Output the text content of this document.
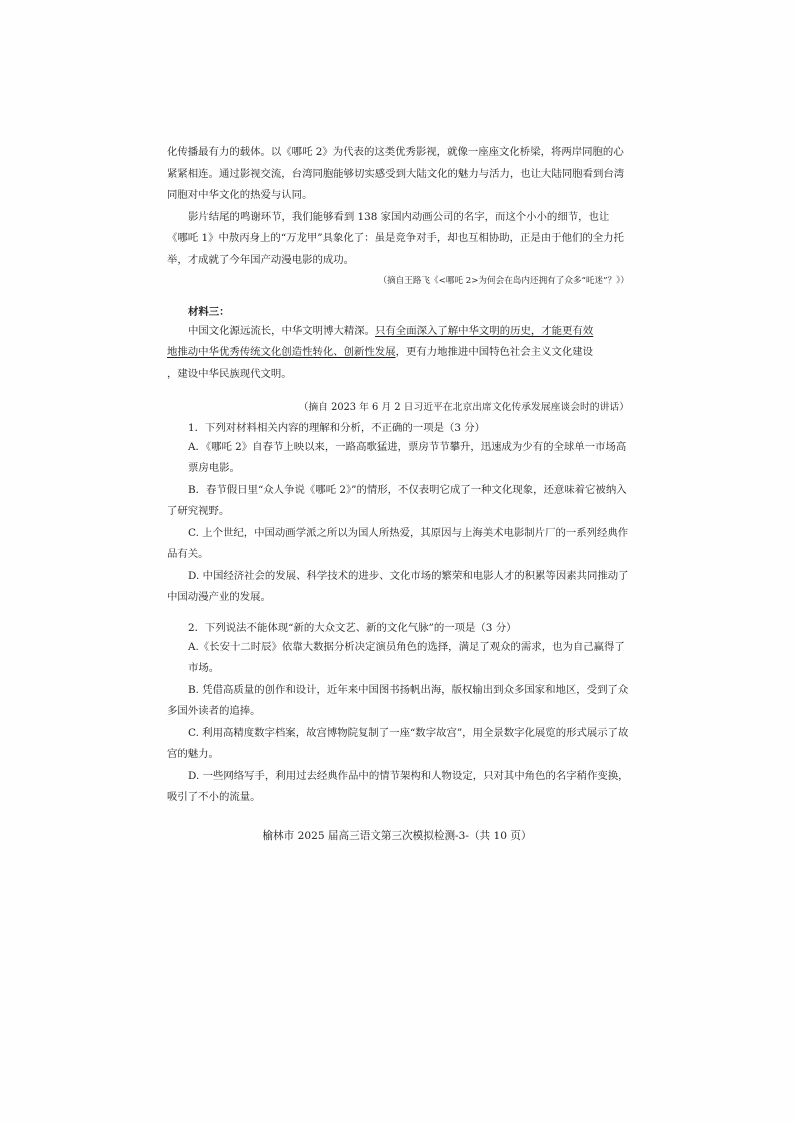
化传播最有力的载体。以《哪吒 2》为代表的这类优秀影视，就像一座座文化桥梁，将两岸同胞的心紧紧相连。通过影视交流，台湾同胞能够切实感受到大陆文化的魅力与活力，也让大陆同胞看到台湾同胞对中华文化的热爱与认同。

影片结尾的鸣谢环节，我们能够看到 138 家国内动画公司的名字，而这个小小的细节，也让《哪吒 1》中敖丙身上的“万龙甲”具象化了：虽是竞争对手，却也互相协助，正是由于他们的全力托举，才成就了今年国产动漫电影的成功。

（摘自王路飞《<哪吒 2>为何会在岛内还拥有了众多“吒迷”？》）

材料三：

中国文化源远流长，中华文明博大精深。只有全面深入了解中华文明的历史，才能更有效
地推动中华优秀传统文化创造性转化、创新性发展，更有力地推进中国特色社会主义文化建设
，建设中华民族现代文明。

（摘自 2023 年 6 月 2 日习近平在北京出席文化传承发展座谈会时的讲话）

1．下列对材料相关内容的理解和分析，不正确的一项是（3 分）

A．《哪吒 2》自春节上映以来，一路高歌猛进，票房节节攀升，迅速成为少有的全球单一市场高票房电影。

B．春节假日里“众人争说《哪吒 2》”的情形，不仅表明它成了一种文化现象，还意味着它被纳入了研究视野。

C. 上个世纪，中国动画学派之所以为国人所热爱，其原因与上海美术电影制片厂的一系列经典作品有关。

D. 中国经济社会的发展、科学技术的进步、文化市场的繁荣和电影人才的积累等因素共同推动了中国动漫产业的发展。

2．下列说法不能体现“新的大众文艺、新的文化气脉”的一项是（3 分）

A.《长安十二时辰》依靠大数据分析决定演员角色的选择，满足了观众的需求，也为自己赢得了市场。

B. 凭借高质量的创作和设计，近年来中国图书扬帆出海，版权输出到众多国家和地区，受到了众多国外读者的追捧。

C. 利用高精度数字档案，故宫博物院复制了一座“数字故宫”，用全景数字化展览的形式展示了故宫的魅力。

D. 一些网络写手，利用过去经典作品中的情节架构和人物设定，只对其中角色的名字稍作变换，吸引了不小的流量。

榆林市 2025 届高三语文第三次模拟检测-3-（共 10 页）
